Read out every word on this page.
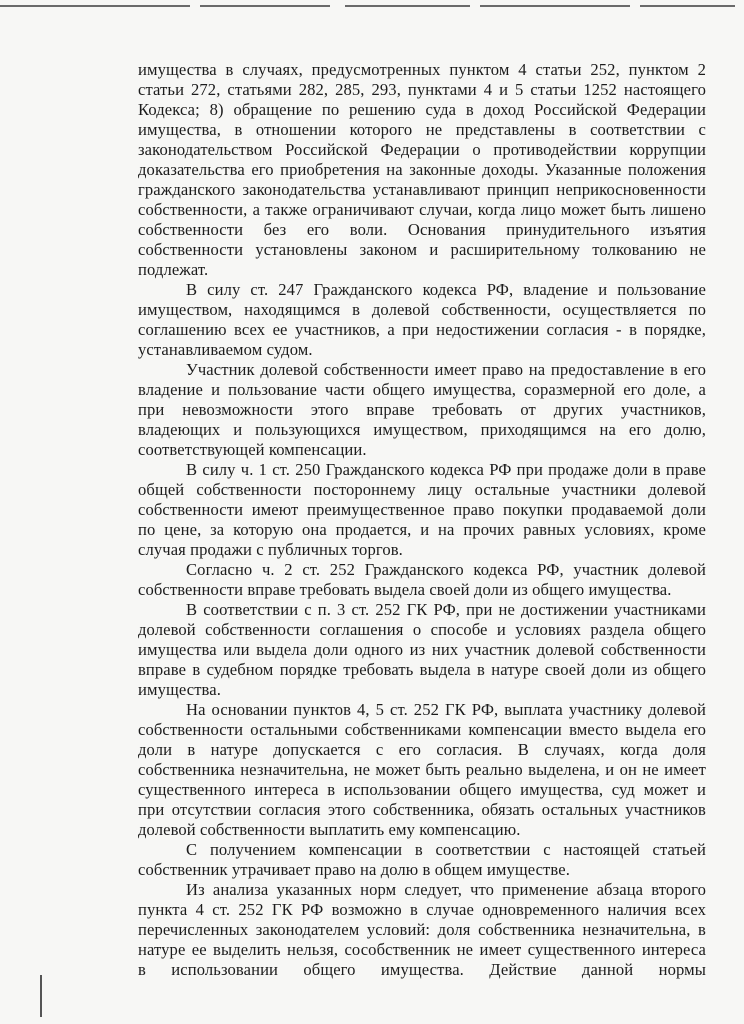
имущества в случаях, предусмотренных пунктом 4 статьи 252, пунктом 2
статьи 272, статьями 282, 285, 293, пунктами 4 и 5 статьи 1252 настоящего
Кодекса; 8) обращение по решению суда в доход Российской Федерации
имущества, в отношении которого не представлены в соответствии с
законодательством Российской Федерации о противодействии коррупции
доказательства его приобретения на законные доходы. Указанные положения
гражданского законодательства устанавливают принцип неприкосновенности
собственности, а также ограничивают случаи, когда лицо может быть лишено
собственности без его воли. Основания принудительного изъятия
собственности установлены законом и расширительному толкованию не
подлежат.
В силу ст. 247 Гражданского кодекса РФ, владение и пользование
имуществом, находящимся в долевой собственности, осуществляется по
соглашению всех ее участников, а при недостижении согласия - в порядке,
устанавливаемом судом.
Участник долевой собственности имеет право на предоставление в его
владение и пользование части общего имущества, соразмерной его доле, а
при невозможности этого вправе требовать от других участников,
владеющих и пользующихся имуществом, приходящимся на его долю,
соответствующей компенсации.
В силу ч. 1 ст. 250 Гражданского кодекса РФ при продаже доли в праве
общей собственности постороннему лицу остальные участники долевой
собственности имеют преимущественное право покупки продаваемой доли
по цене, за которую она продается, и на прочих равных условиях, кроме
случая продажи с публичных торгов.
Согласно ч. 2 ст. 252 Гражданского кодекса РФ, участник долевой
собственности вправе требовать выдела своей доли из общего имущества.
В соответствии с п. 3 ст. 252 ГК РФ, при не достижении участниками
долевой собственности соглашения о способе и условиях раздела общего
имущества или выдела доли одного из них участник долевой собственности
вправе в судебном порядке требовать выдела в натуре своей доли из общего
имущества.
На основании пунктов 4, 5 ст. 252 ГК РФ, выплата участнику долевой
собственности остальными собственниками компенсации вместо выдела его
доли в натуре допускается с его согласия. В случаях, когда доля
собственника незначительна, не может быть реально выделена, и он не имеет
существенного интереса в использовании общего имущества, суд может и
при отсутствии согласия этого собственника, обязать остальных участников
долевой собственности выплатить ему компенсацию.
С получением компенсации в соответствии с настоящей статьей
собственник утрачивает право на долю в общем имуществе.
Из анализа указанных норм следует, что применение абзаца второго
пункта 4 ст. 252 ГК РФ возможно в случае одновременного наличия всех
перечисленных законодателем условий: доля собственника незначительна, в
натуре ее выделить нельзя, сособственник не имеет существенного интереса
в использовании общего имущества. Действие данной нормы
